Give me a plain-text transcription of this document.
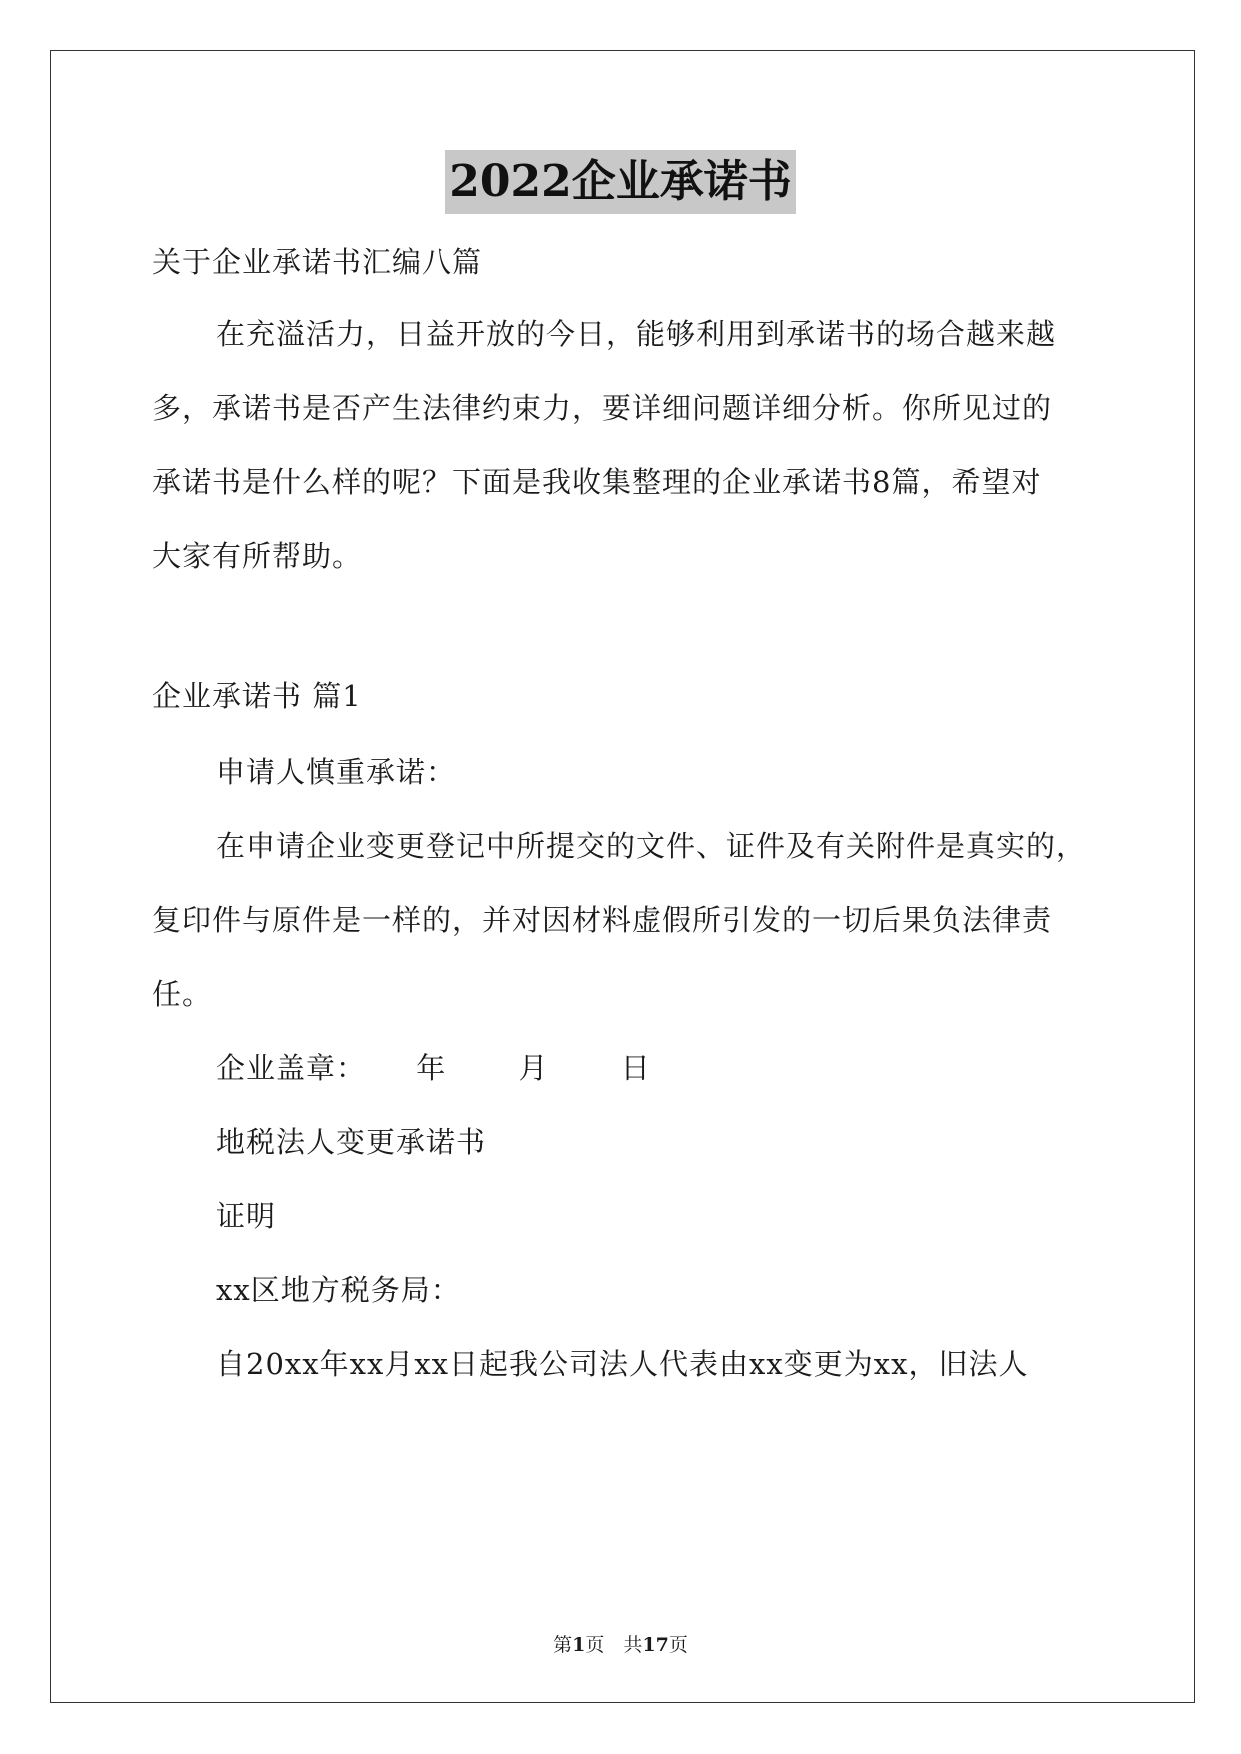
2022企业承诺书
关于企业承诺书汇编八篇
在充溢活力，日益开放的今日，能够利用到承诺书的场合越来越
多，承诺书是否产生法律约束力，要详细问题详细分析。你所见过的
承诺书是什么样的呢？下面是我收集整理的企业承诺书8篇，希望对
大家有所帮助。
企业承诺书 篇1
申请人慎重承诺：
在申请企业变更登记中所提交的文件、证件及有关附件是真实的，
复印件与原件是一样的，并对因材料虚假所引发的一切后果负法律责
任。
企业盖章： 年 月 日
地税法人变更承诺书
证明
xx区地方税务局：
自20xx年xx月xx日起我公司法人代表由xx变更为xx，旧法人
第1页　共17页
